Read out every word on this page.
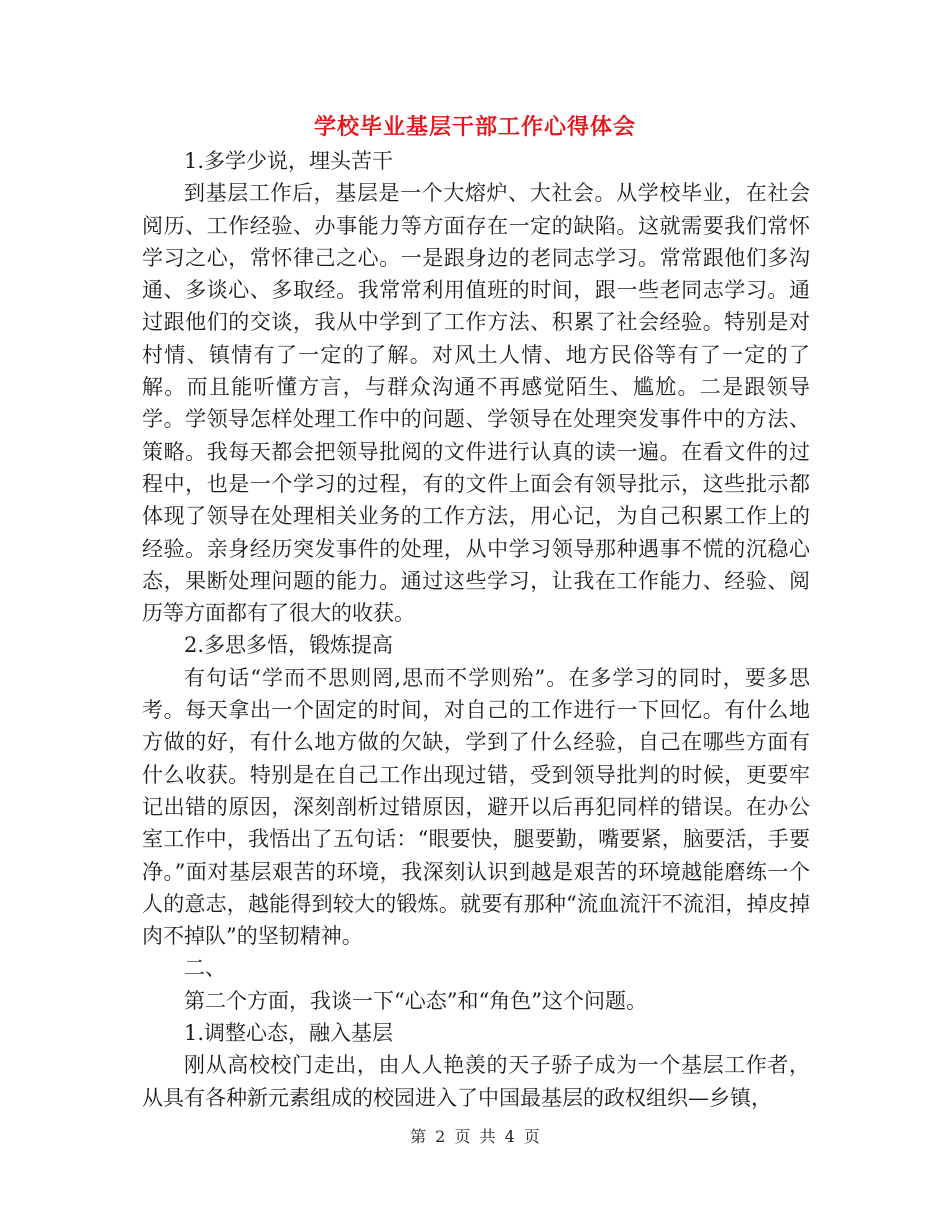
学校毕业基层干部工作心得体会

1.多学少说，埋头苦干

到基层工作后，基层是一个大熔炉、大社会。从学校毕业，在社会阅历、工作经验、办事能力等方面存在一定的缺陷。这就需要我们常怀学习之心，常怀律己之心。一是跟身边的老同志学习。常常跟他们多沟通、多谈心、多取经。我常常利用值班的时间，跟一些老同志学习。通过跟他们的交谈，我从中学到了工作方法、积累了社会经验。特别是对村情、镇情有了一定的了解。对风土人情、地方民俗等有了一定的了解。而且能听懂方言，与群众沟通不再感觉陌生、尴尬。二是跟领导学。学领导怎样处理工作中的问题、学领导在处理突发事件中的方法、策略。我每天都会把领导批阅的文件进行认真的读一遍。在看文件的过程中，也是一个学习的过程，有的文件上面会有领导批示，这些批示都体现了领导在处理相关业务的工作方法，用心记，为自己积累工作上的经验。亲身经历突发事件的处理，从中学习领导那种遇事不慌的沉稳心态，果断处理问题的能力。通过这些学习，让我在工作能力、经验、阅历等方面都有了很大的收获。

2.多思多悟，锻炼提高

有句话“学而不思则罔,思而不学则殆”。在多学习的同时，要多思考。每天拿出一个固定的时间，对自己的工作进行一下回忆。有什么地方做的好，有什么地方做的欠缺，学到了什么经验，自己在哪些方面有什么收获。特别是在自己工作出现过错，受到领导批判的时候，更要牢记出错的原因，深刻剖析过错原因，避开以后再犯同样的错误。在办公室工作中，我悟出了五句话：“眼要快，腿要勤，嘴要紧，脑要活，手要净。”面对基层艰苦的环境，我深刻认识到越是艰苦的环境越能磨练一个人的意志，越能得到较大的锻炼。就要有那种“流血流汗不流泪，掉皮掉肉不掉队”的坚韧精神。

二、

第二个方面，我谈一下“心态”和“角色”这个问题。

1.调整心态，融入基层

刚从高校校门走出，由人人艳羡的天子骄子成为一个基层工作者，从具有各种新元素组成的校园进入了中国最基层的政权组织—乡镇，

第 2 页 共 4 页
